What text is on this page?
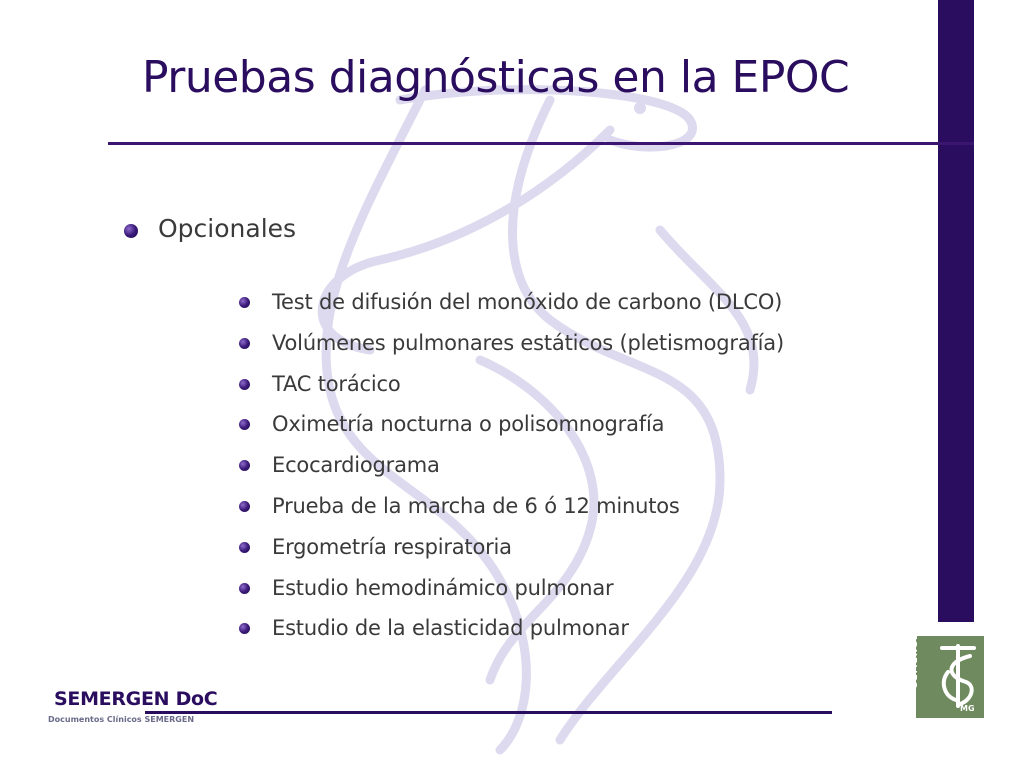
Pruebas diagnósticas en la EPOC
Opcionales
Test de difusión del monóxido de carbono (DLCO)
Volúmenes pulmonares estáticos (pletismografía)
TAC torácico
Oximetría nocturna o polisomnografía
Ecocardiograma
Prueba de la marcha de 6 ó 12 minutos
Ergometría respiratoria
Estudio hemodinámico pulmonar
Estudio de la elasticidad pulmonar
SEMERGEN DoC
Documentos Clínicos SEMERGEN
SEMERGEN
MG
